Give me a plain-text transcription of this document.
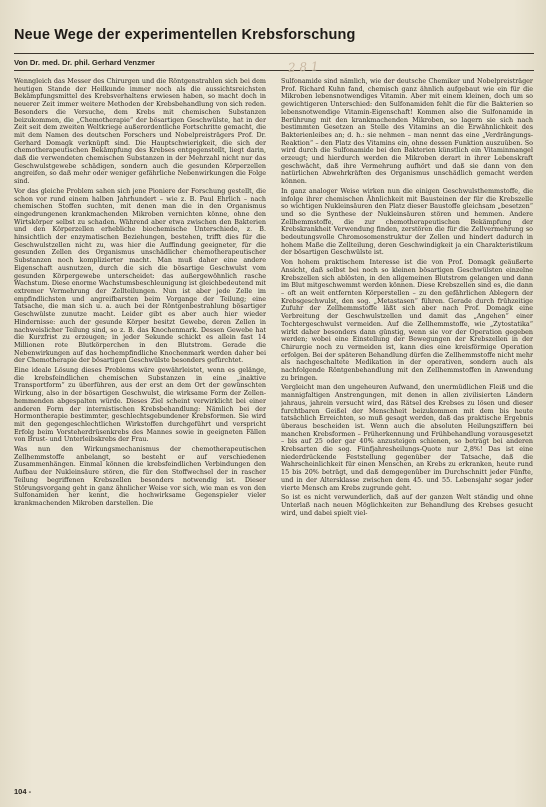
Neue Wege der experimentellen Krebsforschung
Von Dr. med. Dr. phil. Gerhard Venzmer	2 8 1

Wenngleich das Messer des Chirurgen und die Röntgenstrahlen sich bei dem heutigen Stande der Heilkunde immer noch als die aussichtsreichsten Bekämpfungsmittel des Krebsverhaltens erwiesen haben, so macht doch in neuerer Zeit immer weitere Methoden der Krebsbehandlung von sich reden. Besonders die Versuche, dem Krebs mit chemischen Substanzen beizukommen, die „Chemotherapie“ der bösartigen Geschwülste, hat in der Zeit seit dem zweiten Weltkriege außerordentliche Fortschritte gemacht, die mit dem Namen des deutschen Forschers und Nobelpreisträgers Prof. Dr. Gerhard Domagk verknüpft sind. Die Hauptschwierigkeit, die sich der chemotherapeutischen Bekämpfung des Krebses entgegenstellt, liegt darin, daß die verwendeten chemischen Substanzen in der Mehrzahl nicht nur das Geschwulstgewebe schädigen, sondern auch die gesunden Körperzellen angreifen, so daß mehr oder weniger gefährliche Nebenwirkungen die Folge sind.

Vor das gleiche Problem sahen sich jene Pioniere der Forschung gestellt, die schon vor rund einem halben Jahrhundert – wie z. B. Paul Ehrlich – nach chemischen Stoffen suchten, mit denen man die in den Organismus eingedrungenen krankmachenden Mikroben vernichten könne, ohne den Wirtskörper selbst zu schaden. Während aber etwa zwischen den Bakterien und den Körperzellen erhebliche biochemische Unterschiede, z. B. hinsichtlich der enzymatischen Beziehungen, bestehen, trifft dies für die Geschwulstzellen nicht zu, was hier die Auffindung geeigneter, für die gesunden Zellen des Organismus unschädlicher chemotherapeutischer Substanzen noch komplizierter macht. Man muß daher eine andere Eigenschaft ausnutzen, durch die sich die bösartige Geschwulst vom gesunden Körpergewebe unterscheidet: das außergewöhnlich rasche Wachstum. Diese enorme Wachstumsbeschleunigung ist gleichbedeutend mit extremer Vermehrung der Zellteilungen. Nun ist aber jede Zelle im empfindlichsten und angreifbarsten beim Vorgange der Teilung; eine Tatsache, die man sich u. a. auch bei der Röntgenbestrahlung bösartiger Geschwülste zunutze macht. Leider gibt es aber auch hier wieder Hindernisse: auch der gesunde Körper besitzt Gewebe, deren Zellen in nachweislicher Teilung sind, so z. B. das Knochenmark. Dessen Gewebe hat die Kurzfrist zu erzeugen; in jeder Sekunde schickt es allein fast 14 Millionen rote Blutkörperchen in den Blutstrom. Gerade die Nebenwirkungen auf das hochempfindliche Knochenmark werden daher bei der Chemotherapie der bösartigen Geschwülste besonders gefürchtet.

Eine ideale Lösung dieses Problems wäre gewährleistet, wenn es gelänge, die krebsfeindlichen chemischen Substanzen in eine „inaktive Transportform“ zu überführen, aus der erst an dem Ort der gewünschten Wirkung, also in der bösartigen Geschwulst, die wirksame Form der Zellen-hemmenden abgespalten würde. Dieses Ziel scheint verwirklicht bei einer anderen Form der internistischen Krebsbehandlung: Nämlich bei der Hormontherapie bestimmter, geschlechtsgebundener Krebsformen. Sie wird mit den gegengeschlechtlichen Wirkstoffen durchgeführt und verspricht Erfolg beim Vorsteherdrüsenkrebs des Mannes sowie in geeigneten Fällen von Brust- und Unterleibskrebs der Frau.

Was nun den Wirkungsmechanismus der chemotherapeutischen Zellhemmstoffe anbelangt, so besteht er auf verschiedenen Zusammenhängen. Einmal können die krebsfeindlichen Verbindungen den Aufbau der Nukleinsäure stören, die für den Stoffwechsel der in rascher Teilung begriffenen Krebszellen besonders notwendig ist. Dieser Störungsvorgang geht in ganz ähnlicher Weise vor sich, wie man es von den Sulfonamiden her kennt, die hochwirksame Gegenspieler vieler krankmachenden Mikroben darstellen. Die

Sulfonamide sind nämlich, wie der deutsche Chemiker und Nobelpreisträger Prof. Richard Kuhn fand, chemisch ganz ähnlich aufgebaut wie ein für die Mikroben lebensnotwendiges Vitamin. Aber mit einem kleinen, doch um so gewichtigeren Unterschied: den Sulfonamiden fehlt die für die Bakterien so lebensnotwendige Vitamin-Eigenschaft! Kommen also die Sulfonamide in Berührung mit den krankmachenden Mikroben, so lagern sie sich nach bestimmten Gesetzen an Stelle des Vitamins an die Erwähnlichkeit des Bakterienleibes an; d. h.: sie nehmen – man nennt das eine „Verdrängungs-Reaktion“ – den Platz des Vitamins ein, ohne dessen Funktion auszuüben. So wird durch die Sulfonamide bei den Bakterien künstlich ein Vitaminmangel erzeugt; und hierdurch werden die Mikroben derart in ihrer Lebenskraft geschwächt, daß ihre Vermehrung aufhört und daß sie dann von den natürlichen Abwehrkräften des Organismus unschädlich gemacht werden können.

In ganz analoger Weise wirken nun die einigen Geschwulsthemmstoffe, die infolge ihrer chemischen Ähnlichkeit mit Bausteinen der für die Krebszelle so wichtigen Nukleinsäuren den Platz dieser Baustoffe gleichsam „besetzen“ und so die Synthese der Nukleinsäuren stören und hemmen. Andere Zellhemmstoffe, die zur chemotherapeutischen Bekämpfung der Krebskrankheit Verwendung finden, zerstören die für die Zellvermehrung so bedeutungsvolle Chromosomenstruktur der Zellen und hindert dadurch in hohem Maße die Zellteilung, deren Geschwindigkeit ja ein Charakteristikum der bösartigen Geschwülste ist.

Von hohem praktischem Interesse ist die von Prof. Domagk geäußerte Ansicht, daß selbst bei noch so kleinen bösartigen Geschwülsten einzelne Krebszellen sich ablösten, in den allgemeinen Blutstrom gelangen und dann im Blut mitgeschwemmt werden können. Diese Krebszellen sind es, die dann – oft an weit entfernten Körperstellen – zu den gefährlichen Ablegern der Krebsgeschwulst, den sog. „Metastasen“ führen. Gerade durch frühzeitige Zufuhr der Zellhemmstoffe läßt sich aber nach Prof. Domagk eine Verbreitung der Geschwulstzellen und damit das „Angehen“ einer Tochtergeschwulst vermeiden. Auf die Zellhemmstoffe, wie „Zytostatika“ wirkt daher besonders dann günstig, wenn sie vor der Operation gegeben werden; wobei eine Einstellung der Bewegungen der Krebszellen in der Chirurgie noch zu vermeiden ist, kann dies eine kreisförmige Operation erfolgen. Bei der späteren Behandlung dürfen die Zellhemmstoffe nicht mehr als nachgeschaltete Medikation in der operativen, sondern auch als nachfolgende Röntgenbehandlung mit den Zellhemmstoffen in Anwendung zu bringen.

Vergleicht man den ungeheuren Aufwand, den unermüdlichen Fleiß und die mannigfaltigen Anstrengungen, mit denen in allen zivilisierten Ländern jahraus, jahrein versucht wird, das Rätsel des Krebses zu lösen und dieser furchtbaren Geißel der Menschheit beizukommen mit dem bis heute tatsächlich Erreichten, so muß gesagt werden, daß das praktische Ergebnis überaus bescheiden ist. Wenn auch die absoluten Heilungsziffern bei manchen Krebsformen – Früherkennung und Frühbehandlung vorausgesetzt – bis auf 25 oder gar 40% anzusteigen schienen, so beträgt bei anderen Krebsarten die sog. Fünfjahresheilungs-Quote nur 2,8%! Das ist eine niederdrückende Feststellung gegenüber der Tatsache, daß die Wahrscheinlichkeit für einen Menschen, an Krebs zu erkranken, heute rund 15 bis 20% beträgt, und daß demgegenüber im Durchschnitt jeder Fünfte, und in der Altersklasse zwischen dem 45. und 55. Lebensjahr sogar jeder vierte Mensch am Krebs zugrunde geht.

So ist es nicht verwunderlich, daß auf der ganzen Welt ständig und ohne Unterlaß nach neuen Möglichkeiten zur Behandlung des Krebses gesucht wird, und dabei spielt viel-

104 -
